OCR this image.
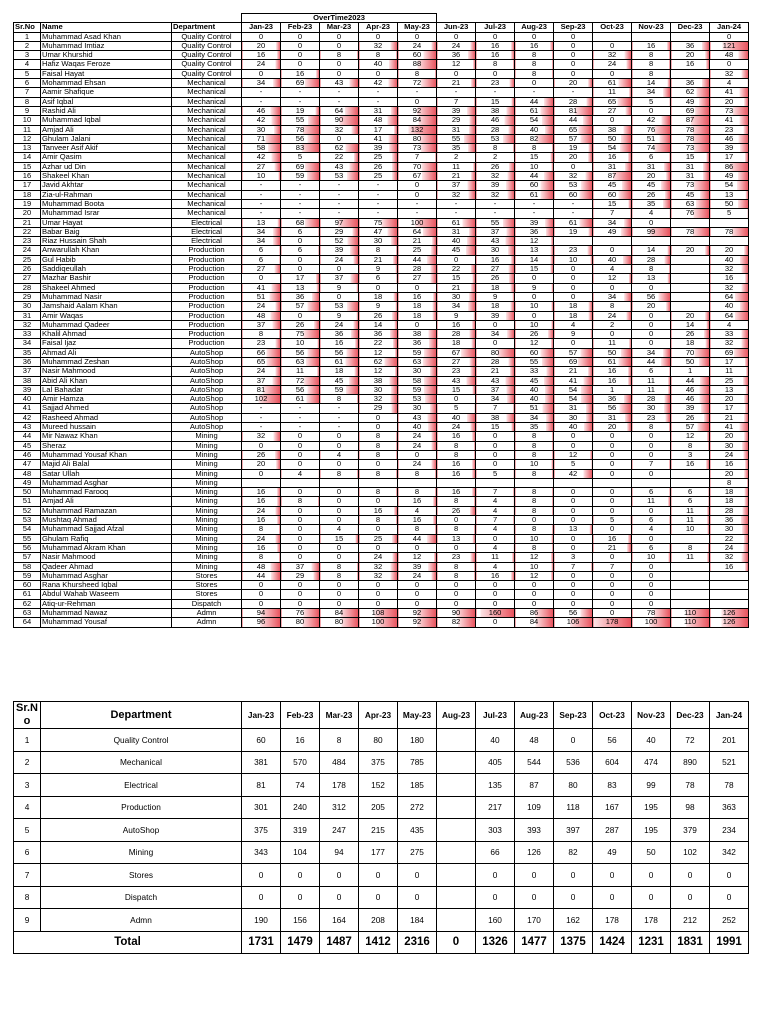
			OverTime2023												
Sr.No	Name	Department	Jan-23	Feb-23	Mar-23	Apr-23	May-23	Jun-23	Jul-23	Aug-23	Sep-23	Oct-23	Nov-23	Dec-23	Jan-24
1	Muhammad Asad Khan	Quality Control	0	0	0	0	0	0	0	0	0				0
2	Muhammad Imtiaz	Quality Control	20	0	0	32	24	24	16	16	0	0	16	36	121
3	Umar Khurshid	Quality Control	16	0	8	8	60	36	16	8	0	32	8	20	48
4	Hafiz Waqas Feroze	Quality Control	24	0	0	40	88	12	8	8	0	24	8	16	0
5	Faisal Hayat	Quality Control	0	16	0	0	8	0	0	8	0	0	8		32
6	Mohammad Ehsan	Mechanical	34	69	43	42	72	21	23	0	20	61	14	36	4
7	Aamir Shafique	Mechanical	-	-	-	-	-	-	-	-	-	11	34	62	41
8	Asif Iqbal	Mechanical	-	-	-	-	0	7	15	44	28	65	5	49	20
9	Rashid Ali	Mechanical	46	19	64	31	92	39	38	61	81	27	0	69	73
10	Muhammad Iqbal	Mechanical	42	55	90	48	84	29	46	54	44	0	42	87	41
11	Amjad Ali	Mechanical	30	78	32	17	132	31	28	40	65	38	76	78	23
12	Ghulam Jalani	Mechanical	71	56	0	41	80	55	53	82	57	50	51	78	46
13	Tanveer Asif Akif	Mechanical	58	83	62	39	73	35	8	8	19	54	74	73	39
14	Amir Qasim	Mechanical	42	5	22	25	7	2	2	15	20	16	6	15	17
15	Azhar ud Din	Mechanical	27	69	43	26	70	11	26	10	0	31	31	31	86
16	Shakeel Khan	Mechanical	10	59	53	25	67	21	32	44	32	87	20	31	49
17	Javid Akhtar	Mechanical	-	-	-	-	0	37	39	60	53	45	45	73	54
18	Zia-ul-Rahman	Mechanical	-	-	-	-	0	32	32	61	60	60	26	45	13
19	Muhammad Boota	Mechanical	-	-	-	-	-	-	-	-	-	15	35	63	50
20	Muhammad Israr	Mechanical	-	-	-	-	-	-	-	-	-	7	4	76	5
21	Umar Hayat	Electrical	13	68	97	75	100	61	55	39	61	34	0		
22	Babar Baig	Electrical	34	6	29	47	64	31	37	36	19	49	99	78	78
23	Riaz Hussain Shah	Electrical	34	0	52	30	21	40	43	12					
24	Anwarullah Khan	Production	6	6	39	8	25	45	30	13	23	0	14	20	20
25	Gul Habib	Production	6	0	24	21	44	0	16	14	10	40	28		40
26	Saddiqeullah	Production	27	0	0	9	28	22	27	15	0	4	8		32
27	Mazhar Bashir	Production	0	17	37	6	27	15	26	0	0	12	13		16
28	Shakeel Ahmed	Production	41	13	9	0	0	21	18	9	0	0	0		32
29	Muhammad Nasir	Production	51	36	0	18	16	30	9	0	0	34	56		64
30	Jamshaid Aalam Khan	Production	24	57	53	9	18	34	18	10	18	8	20		40
31	Amir Waqas	Production	48	0	9	26	18	9	39	0	18	24	0	20	64
32	Muhammad Qadeer	Production	37	26	24	14	0	16	0	10	4	2	0	14	4
33	Khalil Ahmad	Production	8	75	36	36	38	28	34	26	9	0	0	26	33
34	Faisal Ijaz	Production	23	10	16	22	36	18	0	12	0	11	0	18	32
35	Ahmad Ali	AutoShop	66	56	56	12	59	67	80	60	57	50	34	70	69
36	Muhammad Zeshan	AutoShop	65	63	61	62	63	27	28	55	69	61	44	50	17
37	Nasir Mahmood	AutoShop	24	11	18	12	30	23	21	33	21	16	6	1	11
38	Abid Ali Khan	AutoShop	37	72	45	38	58	43	43	45	41	16	11	44	25
39	Lal Bahadar	AutoShop	81	56	59	30	59	15	37	40	54	1	11	46	13
40	Amir Hamza	AutoShop	102	61	8	32	53	0	34	40	54	36	28	46	20
41	Sajjad Ahmed	AutoShop	-	-	-	29	30	5	7	51	31	56	30	39	17
42	Rasheed Ahmad	AutoShop	-	-	-	0	43	40	38	34	30	31	23	26	21
43	Mureed hussain	AutoShop	-	-	-	0	40	24	15	35	40	20	8	57	41
44	Mir Nawaz Khan	Mining	32	0	0	8	24	16	0	8	0	0	0	12	20
45	Sheraz	Mining	0	0	0	8	24	8	0	8	0	0	0	8	30
46	Muhammad Yousaf Khan	Mining	26	0	4	8	0	8	0	8	12	0	0	3	24
47	Majid Ali Balal	Mining	20	0	0	0	24	16	0	10	5	0	7	16	16
48	Satar Ullah	Mining	0	4	8	8	8	16	5	8	42	0	0		20
49	Muhammad Asghar	Mining													8
50	Muhammad Farooq	Mining	16	0	0	8	8	16	7	8	0	0	6	6	18
51	Amjad Ali	Mining	16	8	0	0	16	8	4	8	0	0	11	6	18
52	Muhammad Ramazan	Mining	24	0	0	16	4	26	4	8	0	0	0	11	28
53	Mushtaq Ahmad	Mining	16	0	0	8	16	0	7	0	0	5	6	11	36
54	Muhammad Sajjad Afzal	Mining	8	0	4	0	8	8	4	8	13	0	4	10	30
55	Ghulam Rafiq	Mining	24	0	15	25	44	13	0	10	0	16	0		22
56	Muhammad Akram Khan	Mining	16	0	0	0	0	0	4	8	0	21	6	8	24
57	Nasir Mahmood	Mining	8	0	0	24	12	23	11	12	3	0	10	11	32
58	Qadeer Ahmad	Mining	48	37	8	32	39	8	4	10	7	7	0		16
59	Muhammad Asghar	Stores	44	29	8	32	24	8	16	12	0	0	0		
60	Rana Khursheed Iqbal	Stores	0	0	0	0	0	0	0	0	0	0	0		
61	Abdul Wahab Waseem	Stores	0	0	0	0	0	0	0	0	0	0	0		
62	Atiq-ur-Rehman	Dispatch	0	0	0	0	0	0	0	0	0	0	0		
63	Muhammad Nawaz	Admn	94	76	84	108	92	90	160	86	56	0	78	110	126
64	Muhammad Yousaf	Admn	96	80	80	100	92	82	0	84	106	178	100	110	126
Sr.N o	Department	Jan-23	Feb-23	Mar-23	Apr-23	May-23	Aug-23	Jul-23	Aug-23	Sep-23	Oct-23	Nov-23	Dec-23	Jan-24
1	Quality Control	60	16	8	80	180		40	48	0	56	40	72	201
2	Mechanical	381	570	484	375	785		405	544	536	604	474	890	521
3	Electrical	81	74	178	152	185		135	87	80	83	99	78	78
4	Production	301	240	312	205	272		217	109	118	167	195	98	363
5	AutoShop	375	319	247	215	435		303	393	397	287	195	379	234
6	Mining	343	104	94	177	275		66	126	82	49	50	102	342
7	Stores	0	0	0	0	0		0	0	0	0	0	0	0
8	Dispatch	0	0	0	0	0		0	0	0	0	0	0	0
9	Admn	190	156	164	208	184		160	170	162	178	178	212	252
Total		1731	1479	1487	1412	2316	0	1326	1477	1375	1424	1231	1831	1991
